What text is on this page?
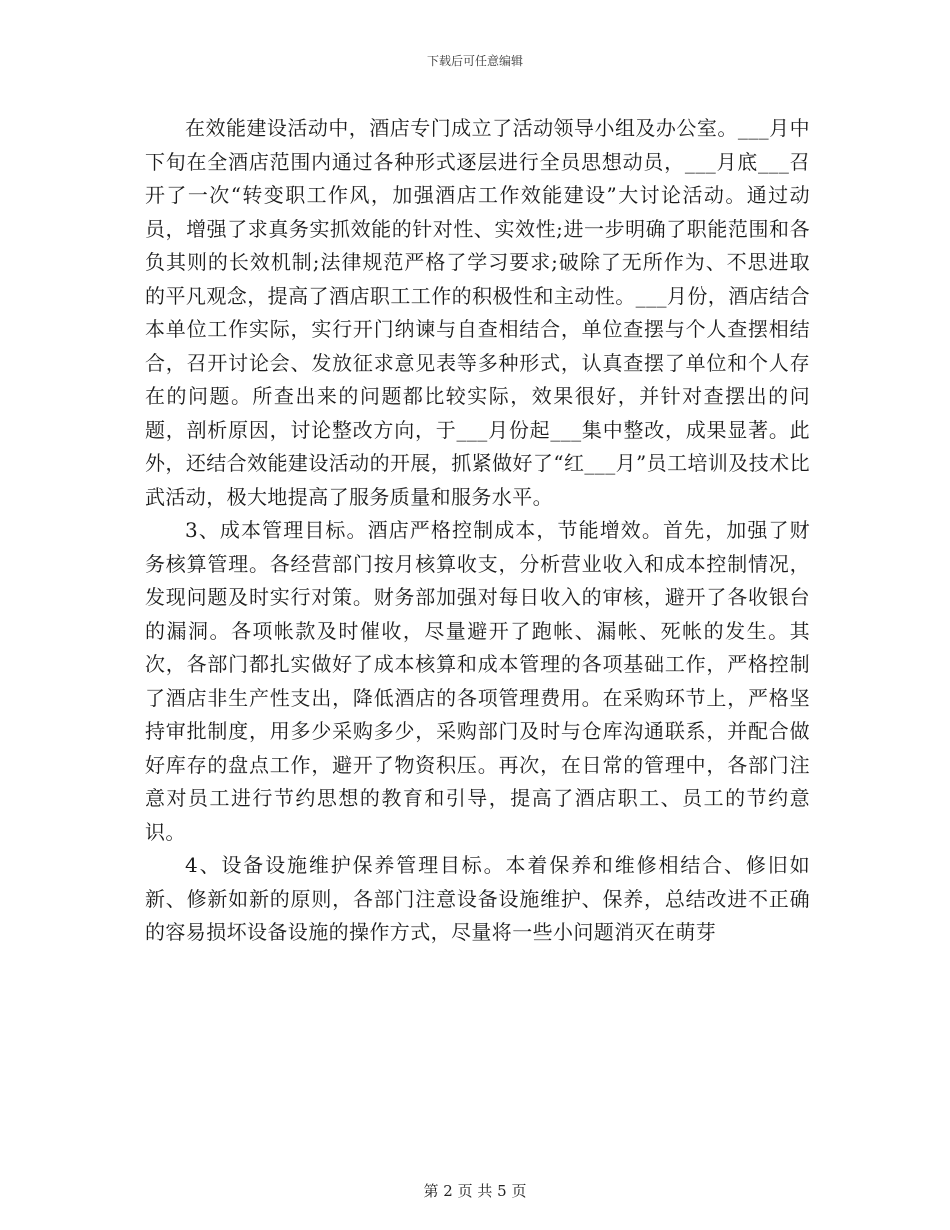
下载后可任意编辑

在效能建设活动中，酒店专门成立了活动领导小组及办公室。___月中下旬在全酒店范围内通过各种形式逐层进行全员思想动员，___月底___召开了一次“转变职工作风，加强酒店工作效能建设”大讨论活动。通过动员，增强了求真务实抓效能的针对性、实效性;进一步明确了职能范围和各负其则的长效机制;法律规范严格了学习要求;破除了无所作为、不思进取的平凡观念，提高了酒店职工工作的积极性和主动性。___月份，酒店结合本单位工作实际，实行开门纳谏与自查相结合，单位查摆与个人查摆相结合，召开讨论会、发放征求意见表等多种形式，认真查摆了单位和个人存在的问题。所查出来的问题都比较实际，效果很好，并针对查摆出的问题，剖析原因，讨论整改方向，于___月份起___集中整改，成果显著。此外，还结合效能建设活动的开展，抓紧做好了“红___月”员工培训及技术比武活动，极大地提高了服务质量和服务水平。

3、成本管理目标。酒店严格控制成本，节能增效。首先，加强了财务核算管理。各经营部门按月核算收支，分析营业收入和成本控制情况，发现问题及时实行对策。财务部加强对每日收入的审核，避开了各收银台的漏洞。各项帐款及时催收，尽量避开了跑帐、漏帐、死帐的发生。其次，各部门都扎实做好了成本核算和成本管理的各项基础工作，严格控制了酒店非生产性支出，降低酒店的各项管理费用。在采购环节上，严格坚持审批制度，用多少采购多少，采购部门及时与仓库沟通联系，并配合做好库存的盘点工作，避开了物资积压。再次，在日常的管理中，各部门注意对员工进行节约思想的教育和引导，提高了酒店职工、员工的节约意识。

4、设备设施维护保养管理目标。本着保养和维修相结合、修旧如新、修新如新的原则，各部门注意设备设施维护、保养，总结改进不正确的容易损坏设备设施的操作方式，尽量将一些小问题消灭在萌芽

第 2 页 共 5 页
